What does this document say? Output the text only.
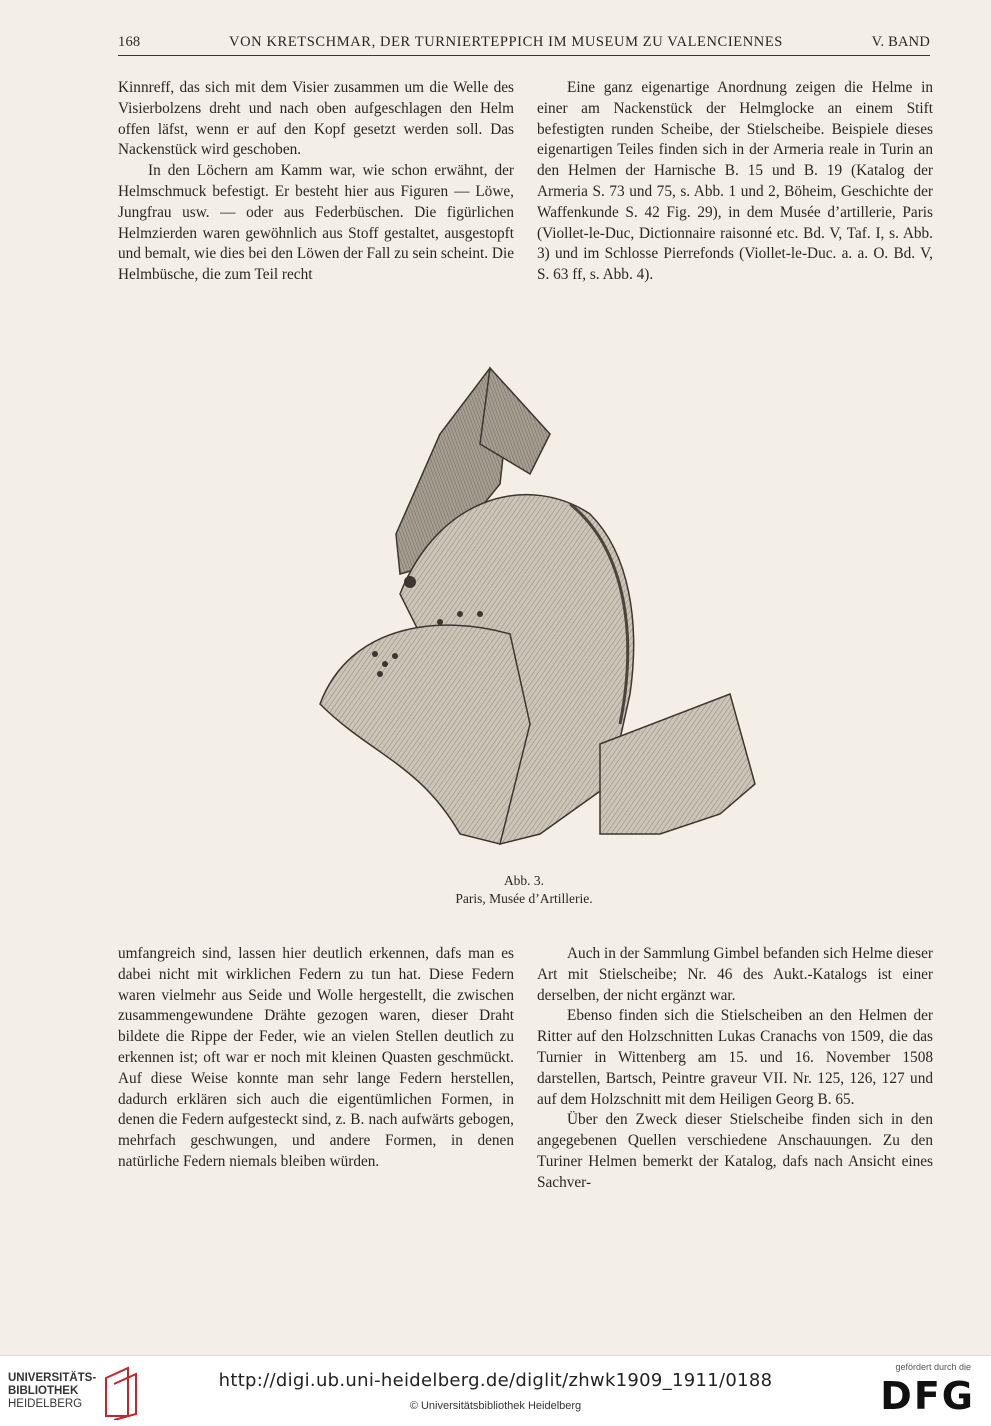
168	VON KRETSCHMAR, DER TURNIERTEPPICH IM MUSEUM ZU VALENCIENNES	V. BAND

Kinnreff, das sich mit dem Visier zusammen um die Welle des Visierbolzens dreht und nach oben aufgeschlagen den Helm offen läfst, wenn er auf den Kopf gesetzt werden soll. Das Nackenstück wird geschoben.

In den Löchern am Kamm war, wie schon erwähnt, der Helmschmuck befestigt. Er besteht hier aus Figuren — Löwe, Jungfrau usw. — oder aus Federbüschen. Die figürlichen Helmzierden waren gewöhnlich aus Stoff gestaltet, ausgestopft und bemalt, wie dies bei den Löwen der Fall zu sein scheint. Die Helmbüsche, die zum Teil recht

Eine ganz eigenartige Anordnung zeigen die Helme in einer am Nackenstück der Helmglocke an einem Stift befestigten runden Scheibe, der Stielscheibe. Beispiele dieses eigenartigen Teiles finden sich in der Armeria reale in Turin an den Helmen der Harnische B. 15 und B. 19 (Katalog der Armeria S. 73 und 75, s. Abb. 1 und 2, Böheim, Geschichte der Waffenkunde S. 42 Fig. 29), in dem Musée d’artillerie, Paris (Viollet-le-Duc, Dictionnaire raisonné etc. Bd. V, Taf. I, s. Abb. 3) und im Schlosse Pierrefonds (Viollet-le-Duc. a. a. O. Bd. V, S. 63 ff, s. Abb. 4).

Abb. 3.
Paris, Musée d’Artillerie.

umfangreich sind, lassen hier deutlich erkennen, dafs man es dabei nicht mit wirklichen Federn zu tun hat. Diese Federn waren vielmehr aus Seide und Wolle hergestellt, die zwischen zusammengewundene Drähte gezogen waren, dieser Draht bildete die Rippe der Feder, wie an vielen Stellen deutlich zu erkennen ist; oft war er noch mit kleinen Quasten geschmückt. Auf diese Weise konnte man sehr lange Federn herstellen, dadurch erklären sich auch die eigentümlichen Formen, in denen die Federn aufgesteckt sind, z. B. nach aufwärts gebogen, mehrfach geschwungen, und andere Formen, in denen natürliche Federn niemals bleiben würden.

Auch in der Sammlung Gimbel befanden sich Helme dieser Art mit Stielscheibe; Nr. 46 des Aukt.-Katalogs ist einer derselben, der nicht ergänzt war.

Ebenso finden sich die Stielscheiben an den Helmen der Ritter auf den Holzschnitten Lukas Cranachs von 1509, die das Turnier in Wittenberg am 15. und 16. November 1508 darstellen, Bartsch, Peintre graveur VII. Nr. 125, 126, 127 und auf dem Holzschnitt mit dem Heiligen Georg B. 65.

Über den Zweck dieser Stielscheibe finden sich in den angegebenen Quellen verschiedene Anschauungen. Zu den Turiner Helmen bemerkt der Katalog, dafs nach Ansicht eines Sachver-

UNIVERSITÄTS-
BIBLIOTHEK
HEIDELBERG
http://digi.ub.uni-heidelberg.de/diglit/zhwk1909_1911/0188
© Universitätsbibliothek Heidelberg
gefördert durch die
DFG
